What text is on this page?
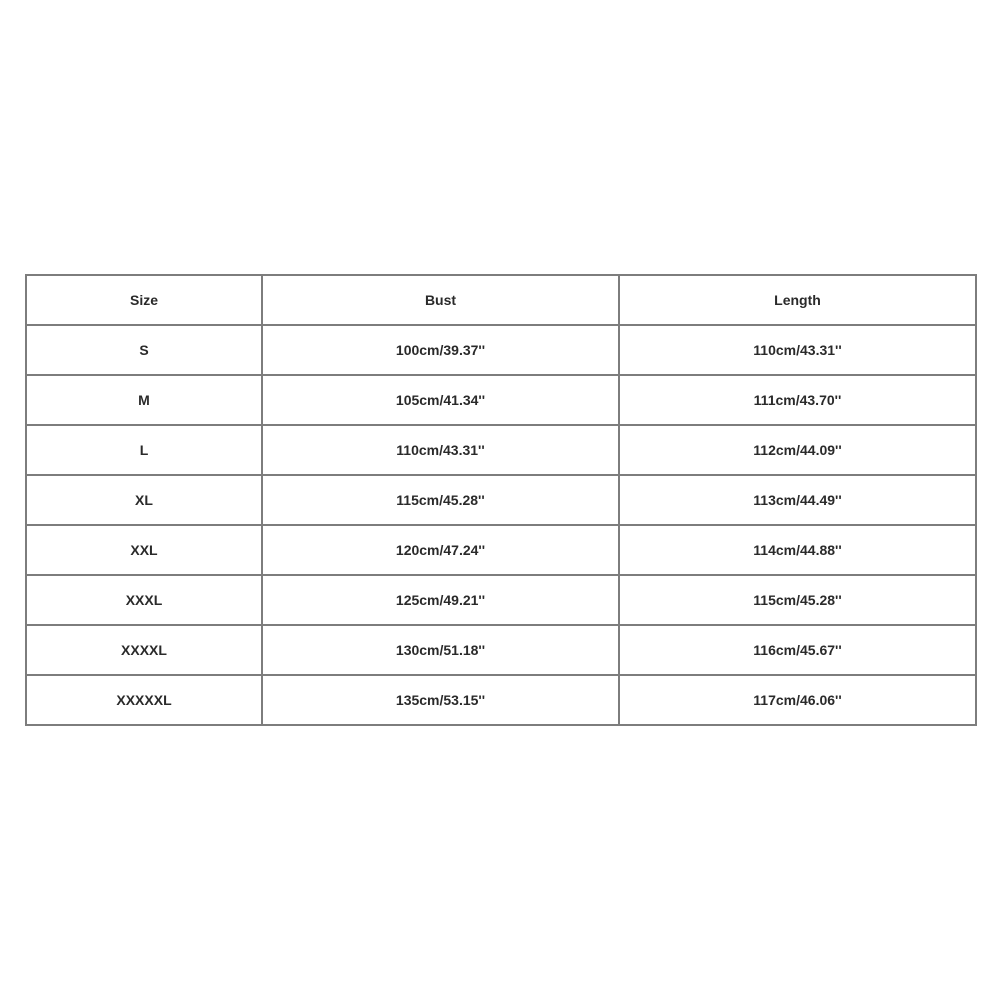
Size	Bust	Length
S	100cm/39.37''	110cm/43.31''
M	105cm/41.34''	111cm/43.70''
L	110cm/43.31''	112cm/44.09''
XL	115cm/45.28''	113cm/44.49''
XXL	120cm/47.24''	114cm/44.88''
XXXL	125cm/49.21''	115cm/45.28''
XXXXL	130cm/51.18''	116cm/45.67''
XXXXXL	135cm/53.15''	117cm/46.06''
